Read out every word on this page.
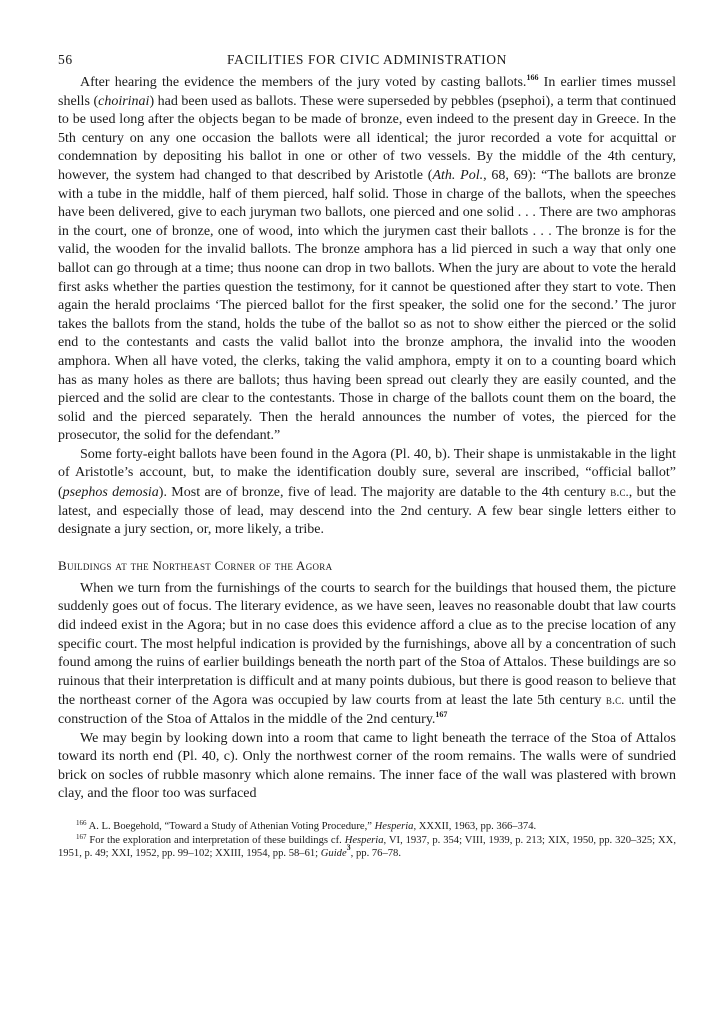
56	FACILITIES FOR CIVIC ADMINISTRATION

After hearing the evidence the members of the jury voted by casting ballots.$^{166}$ In earlier times mussel shells (choirinai) had been used as ballots. These were superseded by pebbles (psephoi), a term that continued to be used long after the objects began to be made of bronze, even indeed to the present day in Greece. In the 5th century on any one occasion the ballots were all identical; the juror recorded a vote for acquittal or condemnation by depositing his ballot in one or other of two vessels. By the middle of the 4th century, however, the system had changed to that described by Aristotle (Ath. Pol., 68, 69): “The ballots are bronze with a tube in the middle, half of them pierced, half solid. Those in charge of the ballots, when the speeches have been delivered, give to each juryman two ballots, one pierced and one solid . . . There are two amphoras in the court, one of bronze, one of wood, into which the jurymen cast their ballots . . . The bronze is for the valid, the wooden for the invalid ballots. The bronze amphora has a lid pierced in such a way that only one ballot can go through at a time; thus noone can drop in two ballots. When the jury are about to vote the herald first asks whether the parties question the testimony, for it cannot be questioned after they start to vote. Then again the herald proclaims ‘The pierced ballot for the first speaker, the solid one for the second.’ The juror takes the ballots from the stand, holds the tube of the ballot so as not to show either the pierced or the solid end to the contestants and casts the valid ballot into the bronze amphora, the invalid into the wooden amphora. When all have voted, the clerks, taking the valid amphora, empty it on to a counting board which has as many holes as there are ballots; thus having been spread out clearly they are easily counted, and the pierced and the solid are clear to the contestants. Those in charge of the ballots count them on the board, the solid and the pierced separately. Then the herald announces the number of votes, the pierced for the prosecutor, the solid for the defendant.”

Some forty-eight ballots have been found in the Agora (Pl. 40, b). Their shape is unmistakable in the light of Aristotle’s account, but, to make the identification doubly sure, several are inscribed, “official ballot” (psephos demosia). Most are of bronze, five of lead. The majority are datable to the 4th century b.c., but the latest, and especially those of lead, may descend into the 2nd century. A few bear single letters either to designate a jury section, or, more likely, a tribe.

Buildings at the Northeast Corner of the Agora

When we turn from the furnishings of the courts to search for the buildings that housed them, the picture suddenly goes out of focus. The literary evidence, as we have seen, leaves no reasonable doubt that law courts did indeed exist in the Agora; but in no case does this evidence afford a clue as to the precise location of any specific court. The most helpful indication is provided by the furnishings, above all by a concentration of such found among the ruins of earlier buildings beneath the north part of the Stoa of Attalos. These buildings are so ruinous that their interpretation is difficult and at many points dubious, but there is good reason to believe that the northeast corner of the Agora was occupied by law courts from at least the late 5th century b.c. until the construction of the Stoa of Attalos in the middle of the 2nd century.$^{167}$

We may begin by looking down into a room that came to light beneath the terrace of the Stoa of Attalos toward its north end (Pl. 40, c). Only the northwest corner of the room remains. The walls were of sundried brick on socles of rubble masonry which alone remains. The inner face of the wall was plastered with brown clay, and the floor too was surfaced

$^{166}$ A. L. Boegehold, “Toward a Study of Athenian Voting Procedure,” Hesperia, XXXII, 1963, pp. 366–374.

$^{167}$ For the exploration and interpretation of these buildings cf. Hesperia, VI, 1937, p. 354; VIII, 1939, p. 213; XIX, 1950, pp. 320–325; XX, 1951, p. 49; XXI, 1952, pp. 99–102; XXIII, 1954, pp. 58–61; Guide$^3$, pp. 76–78.
